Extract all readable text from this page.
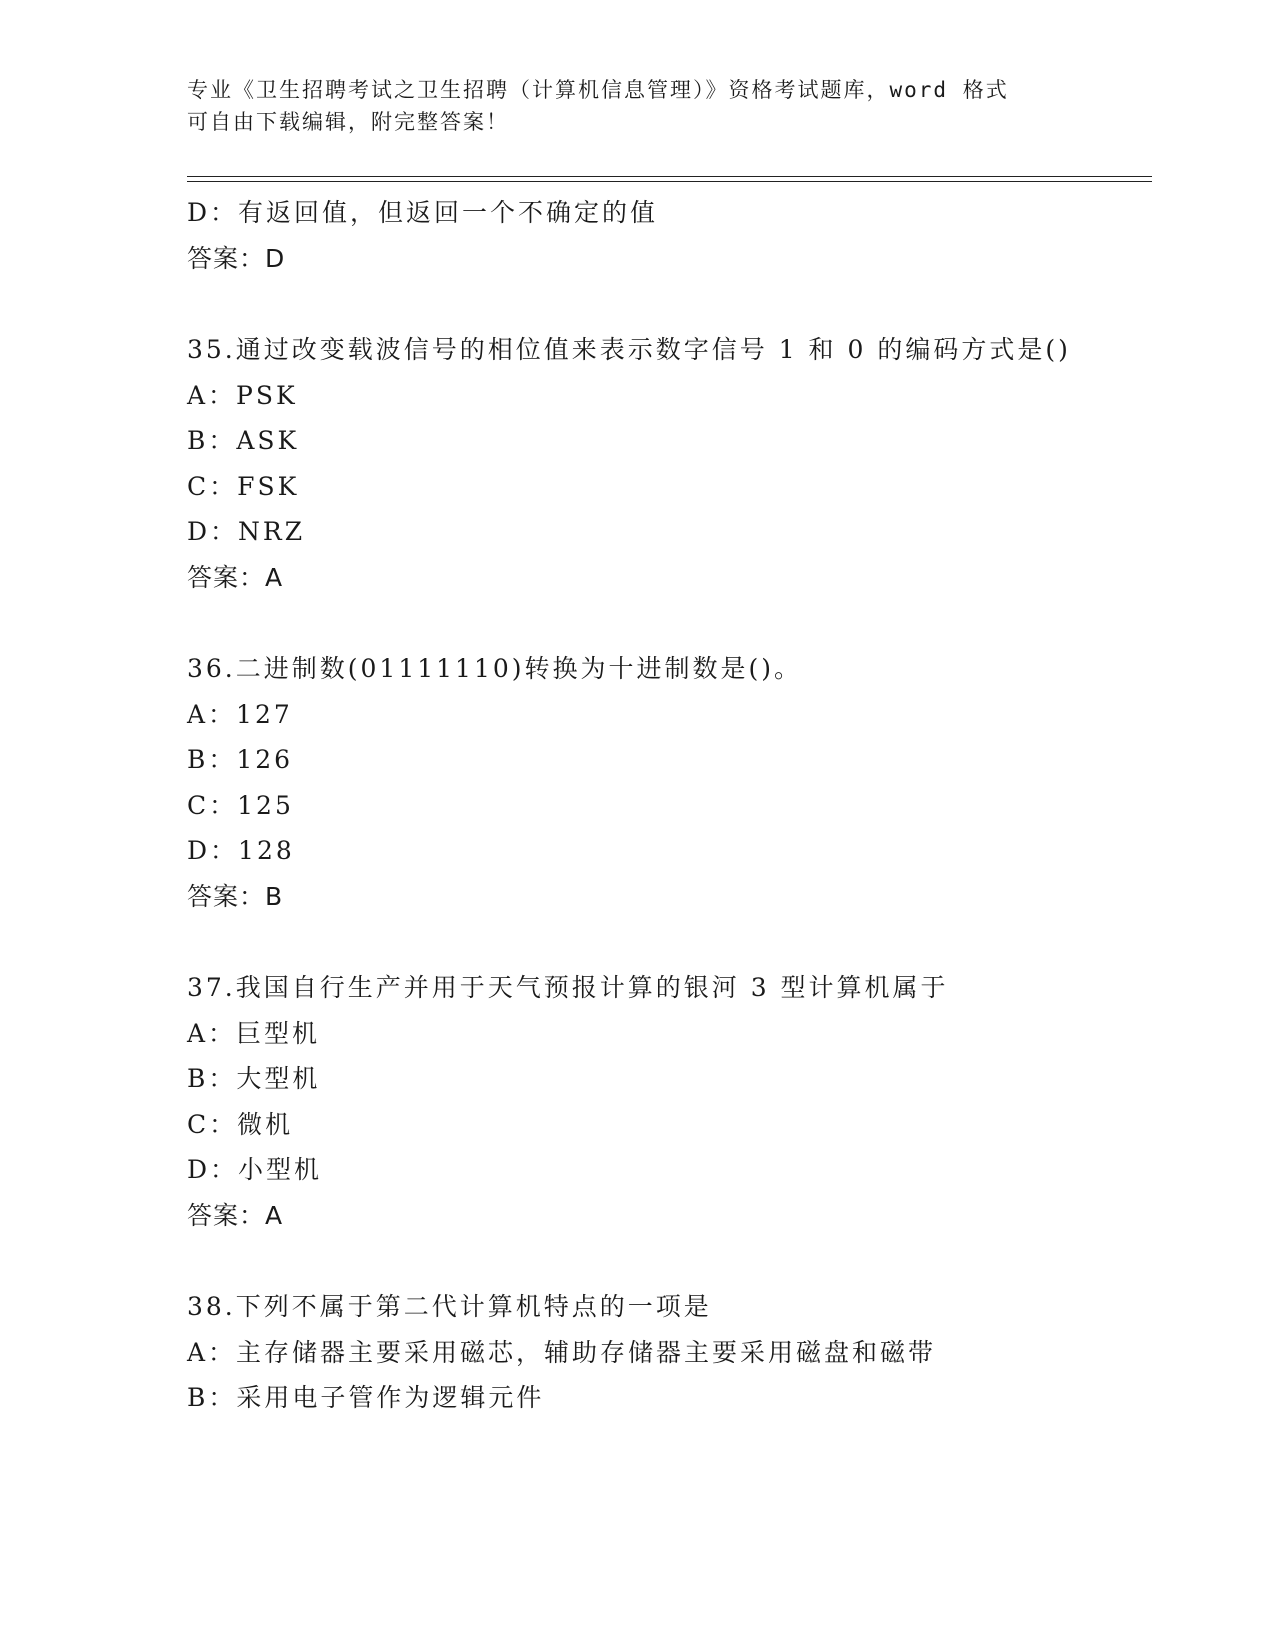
专业《卫生招聘考试之卫生招聘（计算机信息管理）》资格考试题库，word 格式
可自由下载编辑，附完整答案！
D：有返回值，但返回一个不确定的值
答案：D
35.通过改变载波信号的相位值来表示数字信号 1 和 0 的编码方式是()
A：PSK
B：ASK
C：FSK
D：NRZ
答案：A
36.二进制数(01111110)转换为十进制数是()。
A：127
B：126
C：125
D：128
答案：B
37.我国自行生产并用于天气预报计算的银河 3 型计算机属于
A：巨型机
B：大型机
C：微机
D：小型机
答案：A
38.下列不属于第二代计算机特点的一项是
A：主存储器主要采用磁芯，辅助存储器主要采用磁盘和磁带
B：采用电子管作为逻辑元件
